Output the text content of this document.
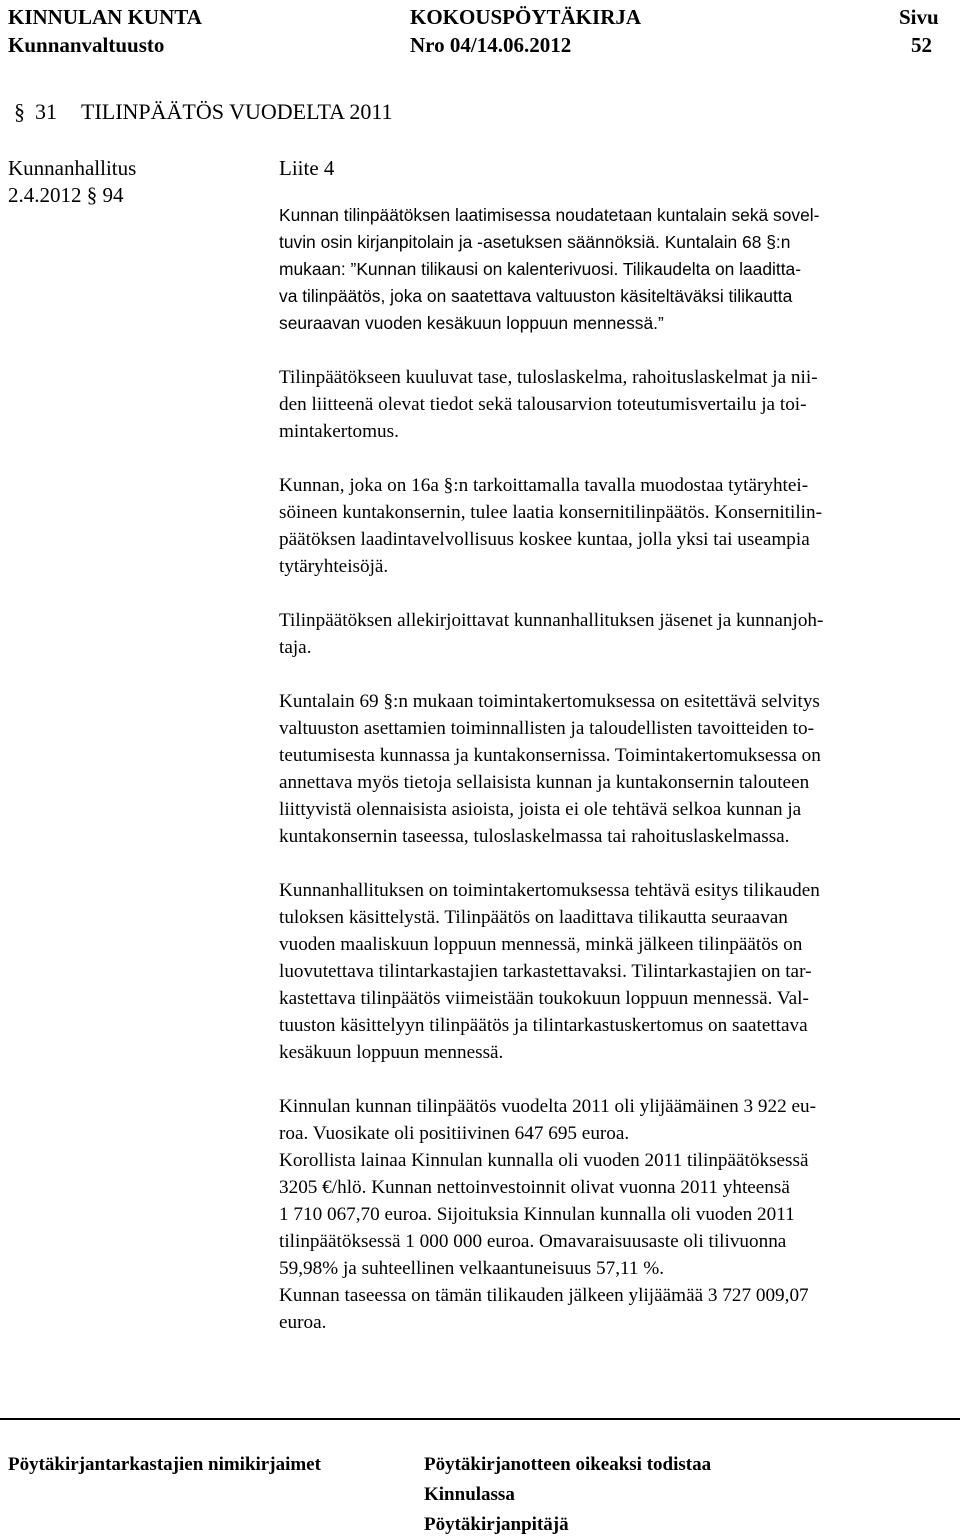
KINNULAN KUNTA
Kunnanvaltuusto
KOKOUSPÖYTÄKIRJA
Nro 04/14.06.2012
Sivu
52
§ 31 TILINPÄÄTÖS VUODELTA 2011
Kunnanhallitus
2.4.2012 § 94
Liite 4
Kunnan tilinpäätöksen laatimisessa noudatetaan kuntalain sekä sovel-
tuvin osin kirjanpitolain ja -asetuksen säännöksiä. Kuntalain 68 §:n
mukaan: ”Kunnan tilikausi on kalenterivuosi. Tilikaudelta on laaditta-
va tilinpäätös, joka on saatettava valtuuston käsiteltäväksi tilikautta
seuraavan vuoden kesäkuun loppuun mennessä.”
Tilinpäätökseen kuuluvat tase, tuloslaskelma, rahoituslaskelmat ja nii-
den liitteenä olevat tiedot sekä talousarvion toteutumisvertailu ja toi-
mintakertomus.
Kunnan, joka on 16a §:n tarkoittamalla tavalla muodostaa tytäryhtei-
söineen kuntakonsernin, tulee laatia konsernitilinpäätös. Konsernitilin-
päätöksen laadintavelvollisuus koskee kuntaa, jolla yksi tai useampia
tytäryhteisöjä.
Tilinpäätöksen allekirjoittavat kunnanhallituksen jäsenet ja kunnanjoh-
taja.
Kuntalain 69 §:n mukaan toimintakertomuksessa on esitettävä selvitys
valtuuston asettamien toiminnallisten ja taloudellisten tavoitteiden to-
teutumisesta kunnassa ja kuntakonsernissa. Toimintakertomuksessa on
annettava myös tietoja sellaisista kunnan ja kuntakonsernin talouteen
liittyvistä olennaisista asioista, joista ei ole tehtävä selkoa kunnan ja
kuntakonsernin taseessa, tuloslaskelmassa tai rahoituslaskelmassa.
Kunnanhallituksen on toimintakertomuksessa tehtävä esitys tilikauden
tuloksen käsittelystä. Tilinpäätös on laadittava tilikautta seuraavan
vuoden maaliskuun loppuun mennessä, minkä jälkeen tilinpäätös on
luovutettava tilintarkastajien tarkastettavaksi. Tilintarkastajien on tar-
kastettava tilinpäätös viimeistään toukokuun loppuun mennessä. Val-
tuuston käsittelyyn tilinpäätös ja tilintarkastuskertomus on saatettava
kesäkuun loppuun mennessä.
Kinnulan kunnan tilinpäätös vuodelta 2011 oli ylijäämäinen 3 922 eu-
roa. Vuosikate oli positiivinen 647 695 euroa.
Korollista lainaa Kinnulan kunnalla oli vuoden 2011 tilinpäätöksessä
3205 €/hlö. Kunnan nettoinvestoinnit olivat vuonna 2011 yhteensä
1 710 067,70 euroa. Sijoituksia Kinnulan kunnalla oli vuoden 2011
tilinpäätöksessä 1 000 000 euroa. Omavaraisuusaste oli tilivuonna
59,98% ja suhteellinen velkaantuneisuus 57,11 %.
Kunnan taseessa on tämän tilikauden jälkeen ylijäämää 3 727 009,07
euroa.
Pöytäkirjantarkastajien nimikirjaimet	Pöytäkirjanotteen oikeaksi todistaa
Kinnulassa
Pöytäkirjanpitäjä
